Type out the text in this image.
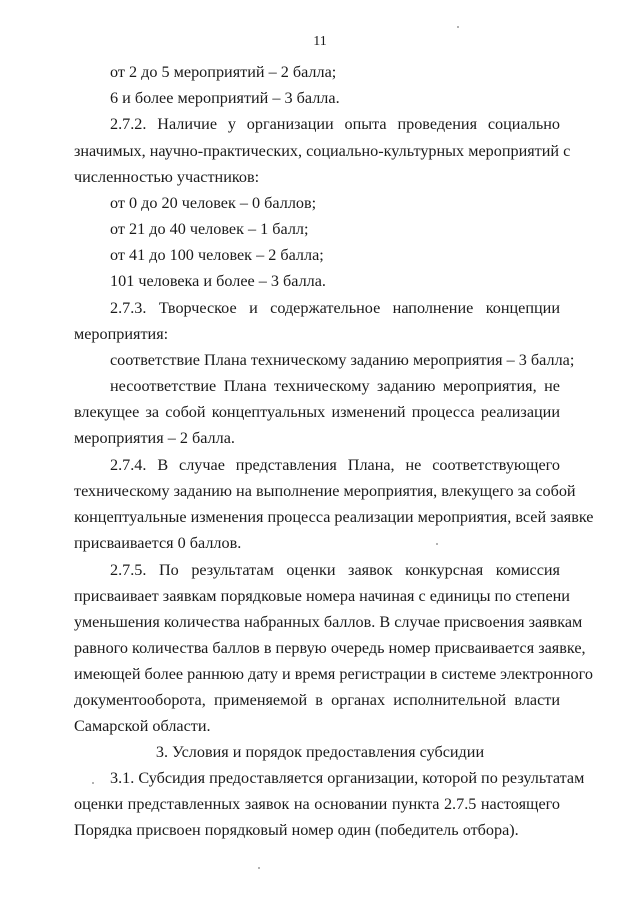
11
от 2 до 5 мероприятий – 2 балла;
6 и более мероприятий – 3 балла.
2.7.2. Наличие у организации опыта проведения социально
значимых, научно-практических, социально-культурных мероприятий с
численностью участников:
от 0 до 20 человек – 0 баллов;
от 21 до 40 человек – 1 балл;
от 41 до 100 человек – 2 балла;
101 человека и более – 3 балла.
2.7.3. Творческое и содержательное наполнение концепции
мероприятия:
соответствие Плана техническому заданию мероприятия – 3 балла;
несоответствие Плана техническому заданию мероприятия, не
влекущее за собой концептуальных изменений процесса реализации
мероприятия – 2 балла.
2.7.4. В случае представления Плана, не соответствующего
техническому заданию на выполнение мероприятия, влекущего за собой
концептуальные изменения процесса реализации мероприятия, всей заявке
присваивается 0 баллов.
2.7.5. По результатам оценки заявок конкурсная комиссия
присваивает заявкам порядковые номера начиная с единицы по степени
уменьшения количества набранных баллов. В случае присвоения заявкам
равного количества баллов в первую очередь номер присваивается заявке,
имеющей более раннюю дату и время регистрации в системе электронного
документооборота, применяемой в органах исполнительной власти
Самарской области.
3. Условия и порядок предоставления субсидии
3.1. Субсидия предоставляется организации, которой по результатам
оценки представленных заявок на основании пункта 2.7.5 настоящего
Порядка присвоен порядковый номер один (победитель отбора).
